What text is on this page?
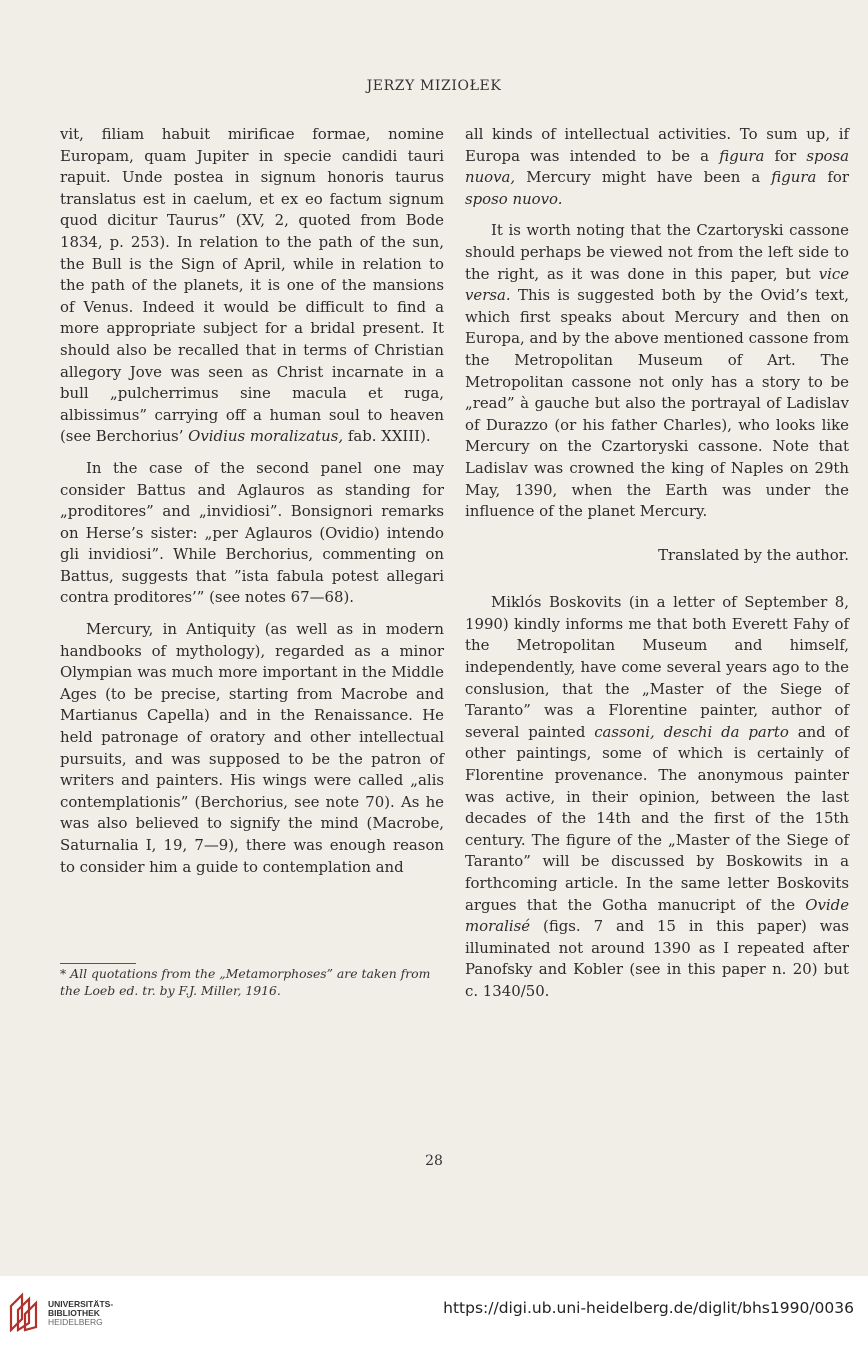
JERZY MIZIOŁEK

vit, filiam habuit mirificae formae, nomine Europam, quam Jupiter in specie candidi tauri rapuit. Unde postea in signum honoris taurus translatus est in caelum, et ex eo factum signum quod dicitur Taurus” (XV, 2, quoted from Bode 1834, p. 253). In relation to the path of the sun, the Bull is the Sign of April, while in relation to the path of the planets, it is one of the mansions of Venus. Indeed it would be difficult to find a more appropriate subject for a bridal present. It should also be recalled that in terms of Christian allegory Jove was seen as Christ incarnate in a bull „pulcherrimus sine macula et ruga, albissimus” carrying off a human soul to heaven (see Berchorius’ Ovidius moralizatus, fab. XXIII).

In the case of the second panel one may consider Battus and Aglauros as standing for „proditores” and „invidiosi”. Bonsignori remarks on Herse’s sister: „per Aglauros (Ovidio) intendo gli invidiosi”. While Berchorius, commenting on Battus, suggests that ”ista fabula potest allegari contra proditores’” (see notes 67—68).

Mercury, in Antiquity (as well as in modern handbooks of mythology), regarded as a minor Olympian was much more important in the Middle Ages (to be precise, starting from Macrobe and Martianus Capella) and in the Renaissance. He held patronage of oratory and other intellectual pursuits, and was supposed to be the patron of writers and painters. His wings were called „alis contemplationis” (Berchorius, see note 70). As he was also believed to signify the mind (Macrobe, Saturnalia I, 19, 7—9), there was enough reason to consider him a guide to contemplation and

* All quotations from the „Metamorphoses” are taken from the Loeb ed. tr. by F.J. Miller, 1916.

all kinds of intellectual activities. To sum up, if Europa was intended to be a figura for sposa nuova, Mercury might have been a figura for sposo nuovo.

It is worth noting that the Czartoryski cassone should perhaps be viewed not from the left side to the right, as it was done in this paper, but vice versa. This is suggested both by the Ovid’s text, which first speaks about Mercury and then on Europa, and by the above mentioned cassone from the Metropolitan Museum of Art. The Metropolitan cassone not only has a story to be „read” à gauche but also the portrayal of Ladislav of Durazzo (or his father Charles), who looks like Mercury on the Czartoryski cassone. Note that Ladislav was crowned the king of Naples on 29th May, 1390, when the Earth was under the influence of the planet Mercury.

Translated by the author.

Miklós Boskovits (in a letter of September 8, 1990) kindly informs me that both Everett Fahy of the Metropolitan Museum and himself, independently, have come several years ago to the conslusion, that the „Master of the Siege of Taranto” was a Florentine painter, author of several painted cassoni, deschi da parto and of other paintings, some of which is certainly of Florentine provenance. The anonymous painter was active, in their opinion, between the last decades of the 14th and the first of the 15th century. The figure of the „Master of the Siege of Taranto” will be discussed by Boskowits in a forthcoming article. In the same letter Boskovits argues that the Gotha manucript of the Ovide moralisé (figs. 7 and 15 in this paper) was illuminated not around 1390 as I repeated after Panofsky and Kobler (see in this paper n. 20) but c. 1340/50.

28
UNIVERSITÄTS-
BIBLIOTHEK
HEIDELBERG
https://digi.ub.uni-heidelberg.de/diglit/bhs1990/0036
